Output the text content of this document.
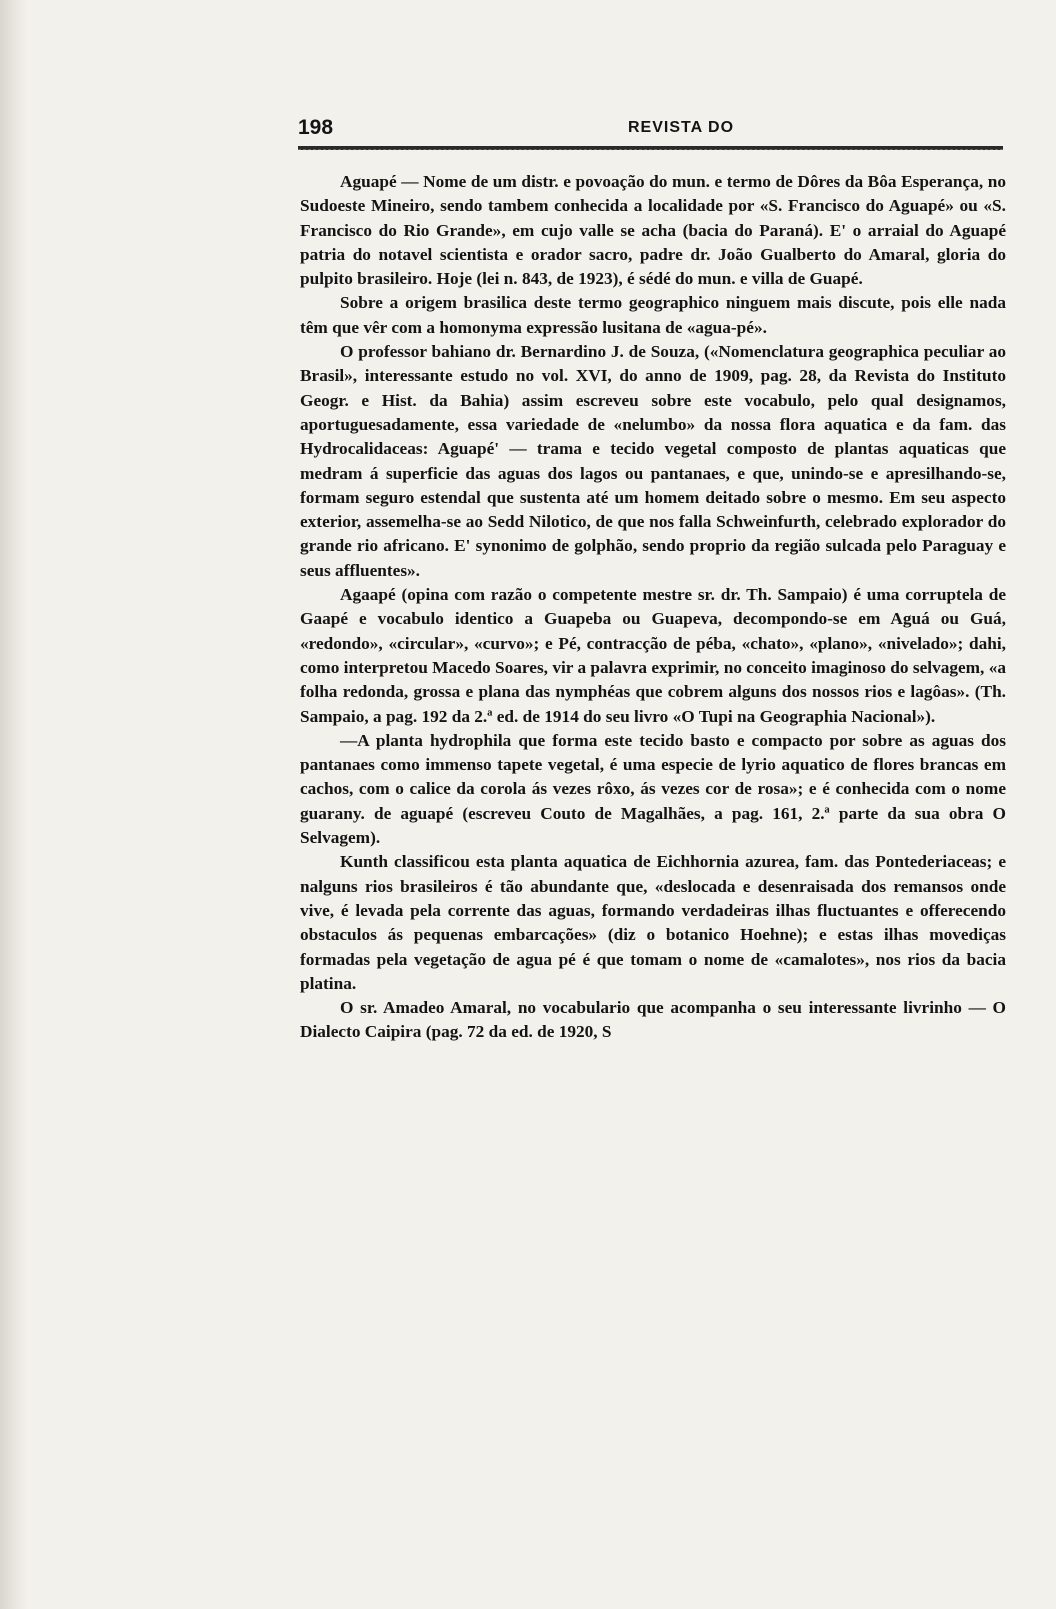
198	REVISTA DO

Aguapé — Nome de um distr. e povoação do mun. e termo de Dôres da Bôa Esperança, no Sudoeste Mineiro, sendo tambem conhecida a localidade por «S. Francisco do Aguapé» ou «S. Francisco do Rio Grande», em cujo valle se acha (bacia do Paraná). E' o arraial do Aguapé patria do notavel scientista e orador sacro, padre dr. João Gualberto do Amaral, gloria do pulpito brasileiro. Hoje (lei n. 843, de 1923), é sédé do mun. e villa de Guapé.

Sobre a origem brasilica deste termo geographico ninguem mais discute, pois elle nada têm que vêr com a homonyma expressão lusitana de «agua-pé».

O professor bahiano dr. Bernardino J. de Souza, («Nomenclatura geographica peculiar ao Brasil», interessante estudo no vol. XVI, do anno de 1909, pag. 28, da Revista do Instituto Geogr. e Hist. da Bahia) assim escreveu sobre este vocabulo, pelo qual designamos, aportuguesadamente, essa variedade de «nelumbo» da nossa flora aquatica e da fam. das Hydrocalidaceas: Aguapé' — trama e tecido vegetal composto de plantas aquaticas que medram á superficie das aguas dos lagos ou pantanaes, e que, unindo-se e apresilhando-se, formam seguro estendal que sustenta até um homem deitado sobre o mesmo. Em seu aspecto exterior, assemelha-se ao Sedd Nilotico, de que nos falla Schweinfurth, celebrado explorador do grande rio africano. E' synonimo de golphão, sendo proprio da região sulcada pelo Paraguay e seus affluentes».

Agaapé (opina com razão o competente mestre sr. dr. Th. Sampaio) é uma corruptela de Gaapé e vocabulo identico a Guapeba ou Guapeva, decompondo-se em Aguá ou Guá, «redondo», «circular», «curvo»; e Pé, contracção de péba, «chato», «plano», «nivelado»; dahi, como interpretou Macedo Soares, vir a palavra exprimir, no conceito imaginoso do selvagem, «a folha redonda, grossa e plana das nymphéas que cobrem alguns dos nossos rios e lagôas». (Th. Sampaio, a pag. 192 da 2.ª ed. de 1914 do seu livro «O Tupi na Geographia Nacional»).

—A planta hydrophila que forma este tecido basto e compacto por sobre as aguas dos pantanaes como immenso tapete vegetal, é uma especie de lyrio aquatico de flores brancas em cachos, com o calice da corola ás vezes rôxo, ás vezes cor de rosa»; e é conhecida com o nome guarany. de aguapé (escreveu Couto de Magalhães, a pag. 161, 2.ª parte da sua obra O Selvagem).

Kunth classificou esta planta aquatica de Eichhornia azurea, fam. das Pontederiaceas; e nalguns rios brasileiros é tão abundante que, «deslocada e desenraisada dos remansos onde vive, é levada pela corrente das aguas, formando verdadeiras ilhas fluctuantes e offerecendo obstaculos ás pequenas embarcações» (diz o botanico Hoehne); e estas ilhas movediças formadas pela vegetação de agua pé é que tomam o nome de «camalotes», nos rios da bacia platina.

O sr. Amadeo Amaral, no vocabulario que acompanha o seu interessante livrinho — O Dialecto Caipira (pag. 72 da ed. de 1920, S
